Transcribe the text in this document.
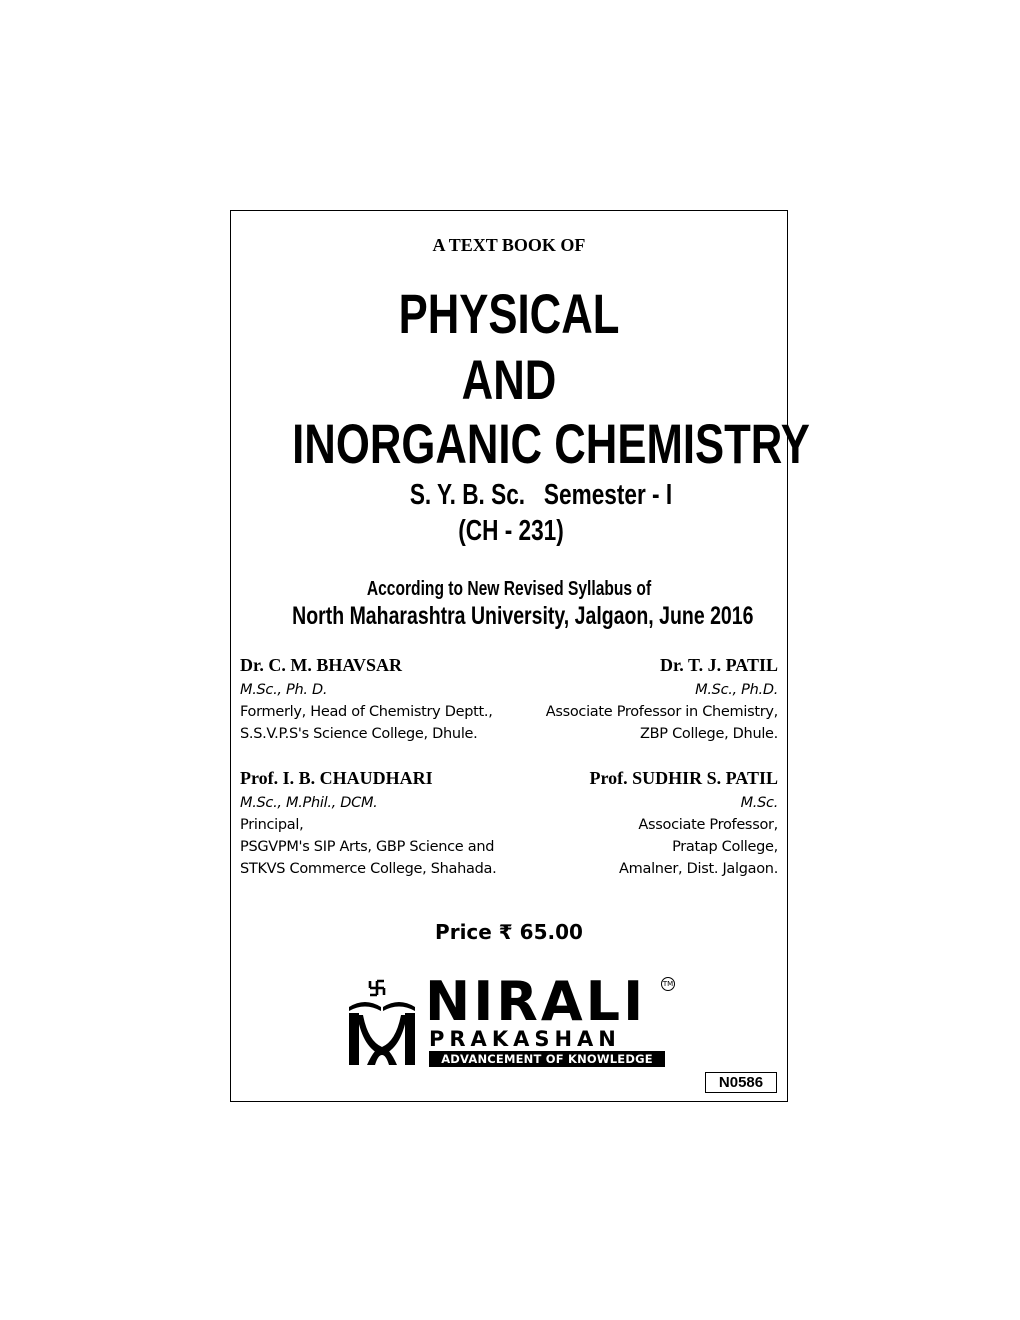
A TEXT BOOK OF
PHYSICAL
AND
INORGANIC CHEMISTRY
S. Y. B. Sc.   Semester - I
(CH - 231)
According to New Revised Syllabus of
North Maharashtra University, Jalgaon, June 2016
Dr. C. M. BHAVSAR
M.Sc., Ph. D.
Formerly, Head of Chemistry Deptt.,
S.S.V.P.S's Science College, Dhule.
Dr. T. J. PATIL
M.Sc., Ph.D.
Associate Professor in Chemistry,
ZBP College, Dhule.
Prof. I. B. CHAUDHARI
M.Sc., M.Phil., DCM.
Principal,
PSGVPM's SIP Arts, GBP Science and
STKVS Commerce College, Shahada.
Prof. SUDHIR S. PATIL
M.Sc.
Associate Professor,
Pratap College,
Amalner, Dist. Jalgaon.
Price ₹ 65.00
NIRALI TM
PRAKASHAN
ADVANCEMENT OF KNOWLEDGE
N0586
